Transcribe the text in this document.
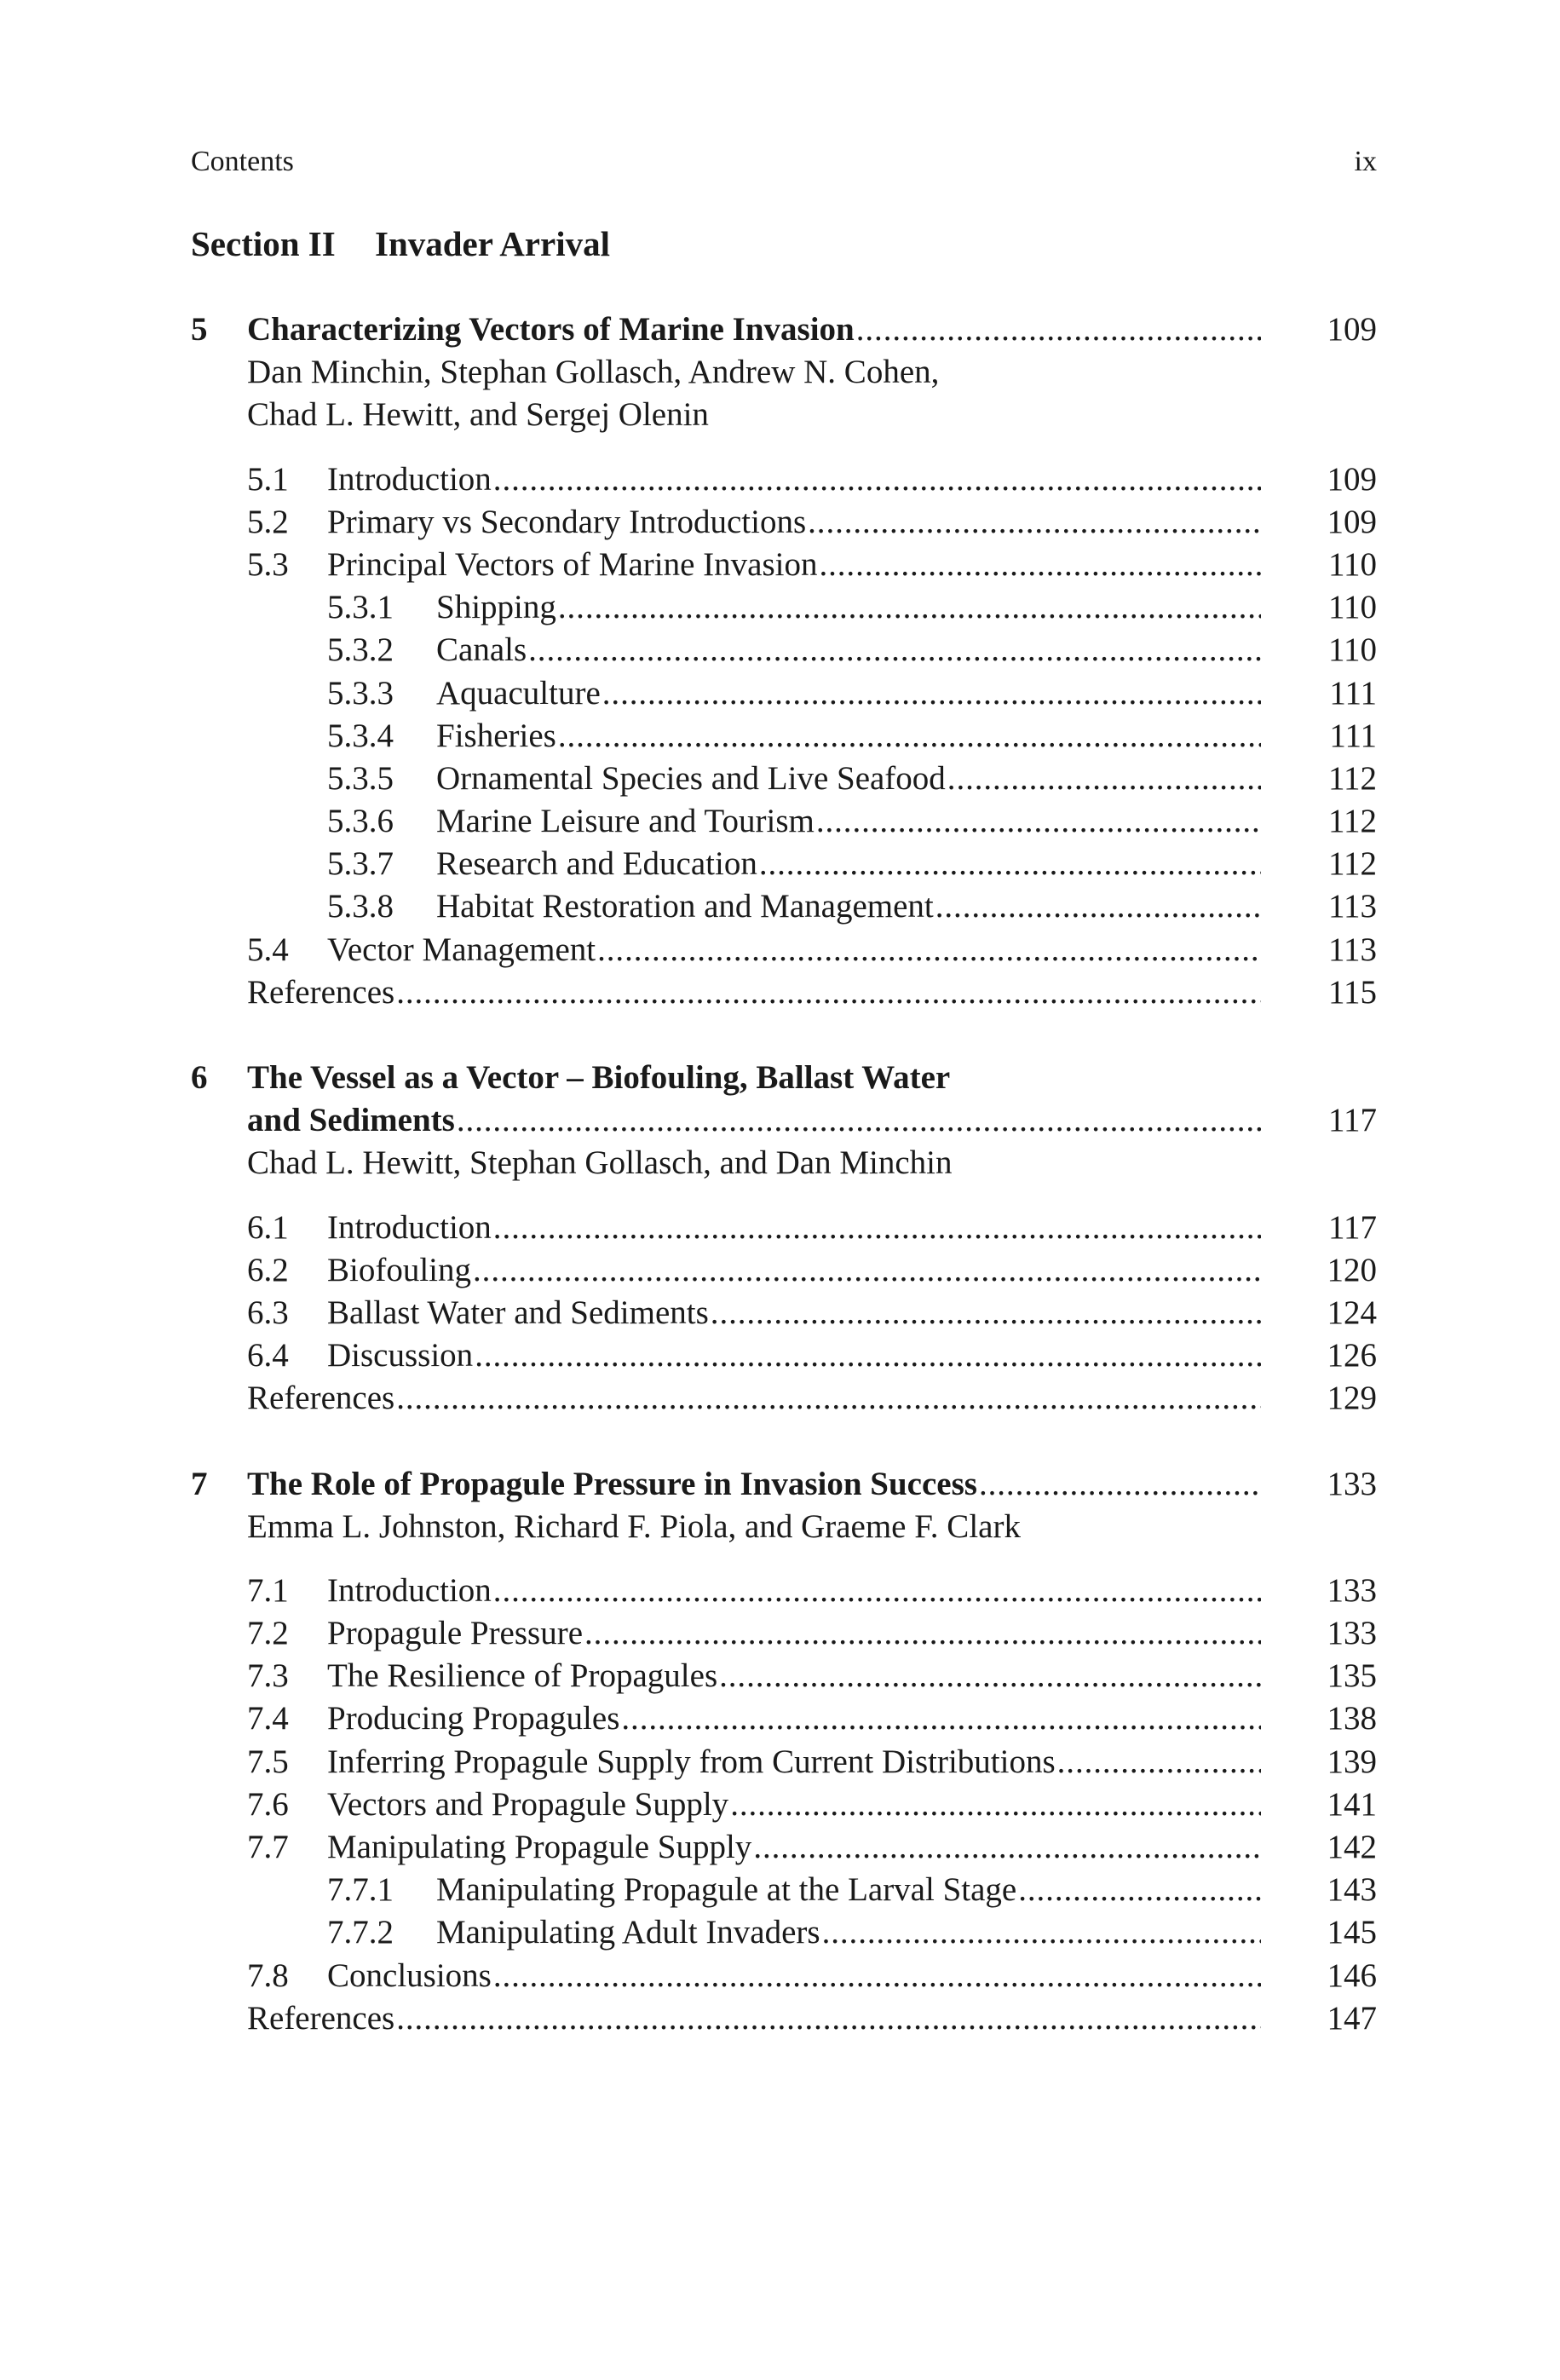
Contents	ix
Section II Invader Arrival
5 Characterizing Vectors of Marine Invasion .....	109
Dan Minchin, Stephan Gollasch, Andrew N. Cohen,
Chad L. Hewitt, and Sergej Olenin
5.1	Introduction .....	109
5.2	Primary vs Secondary Introductions .....	109
5.3	Principal Vectors of Marine Invasion .....	110
5.3.1	Shipping .....	110
5.3.2	Canals .....	110
5.3.3	Aquaculture .....	111
5.3.4	Fisheries .....	111
5.3.5	Ornamental Species and Live Seafood .....	112
5.3.6	Marine Leisure and Tourism .....	112
5.3.7	Research and Education .....	112
5.3.8	Habitat Restoration and Management .....	113
5.4	Vector Management .....	113
References .....	115
6 The Vessel as a Vector – Biofouling, Ballast Water
and Sediments .....	117
Chad L. Hewitt, Stephan Gollasch, and Dan Minchin
6.1	Introduction .....	117
6.2	Biofouling .....	120
6.3	Ballast Water and Sediments .....	124
6.4	Discussion .....	126
References .....	129
7 The Role of Propagule Pressure in Invasion Success .....	133
Emma L. Johnston, Richard F. Piola, and Graeme F. Clark
7.1	Introduction .....	133
7.2	Propagule Pressure .....	133
7.3	The Resilience of Propagules .....	135
7.4	Producing Propagules .....	138
7.5	Inferring Propagule Supply from Current Distributions .....	139
7.6	Vectors and Propagule Supply .....	141
7.7	Manipulating Propagule Supply .....	142
7.7.1	Manipulating Propagule at the Larval Stage .....	143
7.7.2	Manipulating Adult Invaders .....	145
7.8	Conclusions .....	146
References .....	147
